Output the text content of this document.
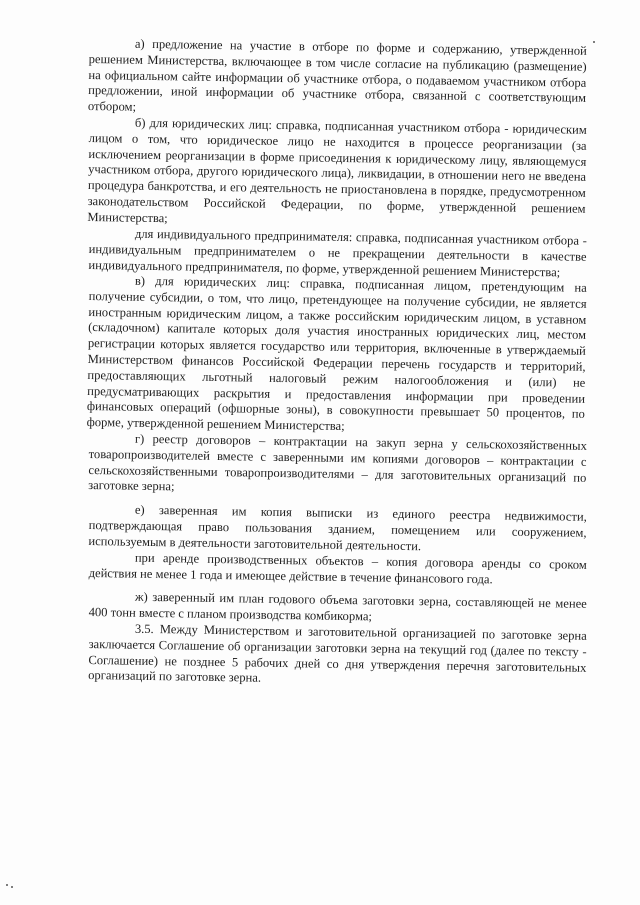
а) предложение на участие в отборе по форме и содержанию, утвержденной решением Министерства, включающее в том числе согласие на публикацию (размещение) на официальном сайте информации об участнике отбора, о подаваемом участником отбора предложении, иной информации об участнике отбора, связанной с соответствующим отбором;

б) для юридических лиц: справка, подписанная участником отбора - юридическим лицом о том, что юридическое лицо не находится в процессе реорганизации (за исключением реорганизации в форме присоединения к юридическому лицу, являющемуся участником отбора, другого юридического лица), ликвидации, в отношении него не введена процедура банкротства, и его деятельность не приостановлена в порядке, предусмотренном законодательством Российской Федерации, по форме, утвержденной решением Министерства;

для индивидуального предпринимателя: справка, подписанная участником отбора - индивидуальным предпринимателем о не прекращении деятельности в качестве индивидуального предпринимателя, по форме, утвержденной решением Министерства;

в) для юридических лиц: справка, подписанная лицом, претендующим на получение субсидии, о том, что лицо, претендующее на получение субсидии, не является иностранным юридическим лицом, а также российским юридическим лицом, в уставном (складочном) капитале которых доля участия иностранных юридических лиц, местом регистрации которых является государство или территория, включенные в утверждаемый Министерством финансов Российской Федерации перечень государств и территорий, предоставляющих льготный налоговый режим налогообложения и (или) не предусматривающих раскрытия и предоставления информации при проведении финансовых операций (офшорные зоны), в совокупности превышает 50 процентов, по форме, утвержденной решением Министерства;

г) реестр договоров – контрактации на закуп зерна у сельскохозяйственных товаропроизводителей вместе с заверенными им копиями договоров – контрактации с сельскохозяйственными товаропроизводителями – для заготовительных организаций по заготовке зерна;

е) заверенная им копия выписки из единого реестра недвижимости, подтверждающая право пользования зданием, помещением или сооружением, используемым в деятельности заготовительной деятельности.

при аренде производственных объектов – копия договора аренды со сроком действия не менее 1 года и имеющее действие в течение финансового года.

ж) заверенный им план годового объема заготовки зерна, составляющей не менее 400 тонн вместе с планом производства комбикорма;

3.5. Между Министерством и заготовительной организацией по заготовке зерна заключается Соглашение об организации заготовки зерна на текущий год (далее по тексту - Соглашение) не позднее 5 рабочих дней со дня утверждения перечня заготовительных организаций по заготовке зерна.
